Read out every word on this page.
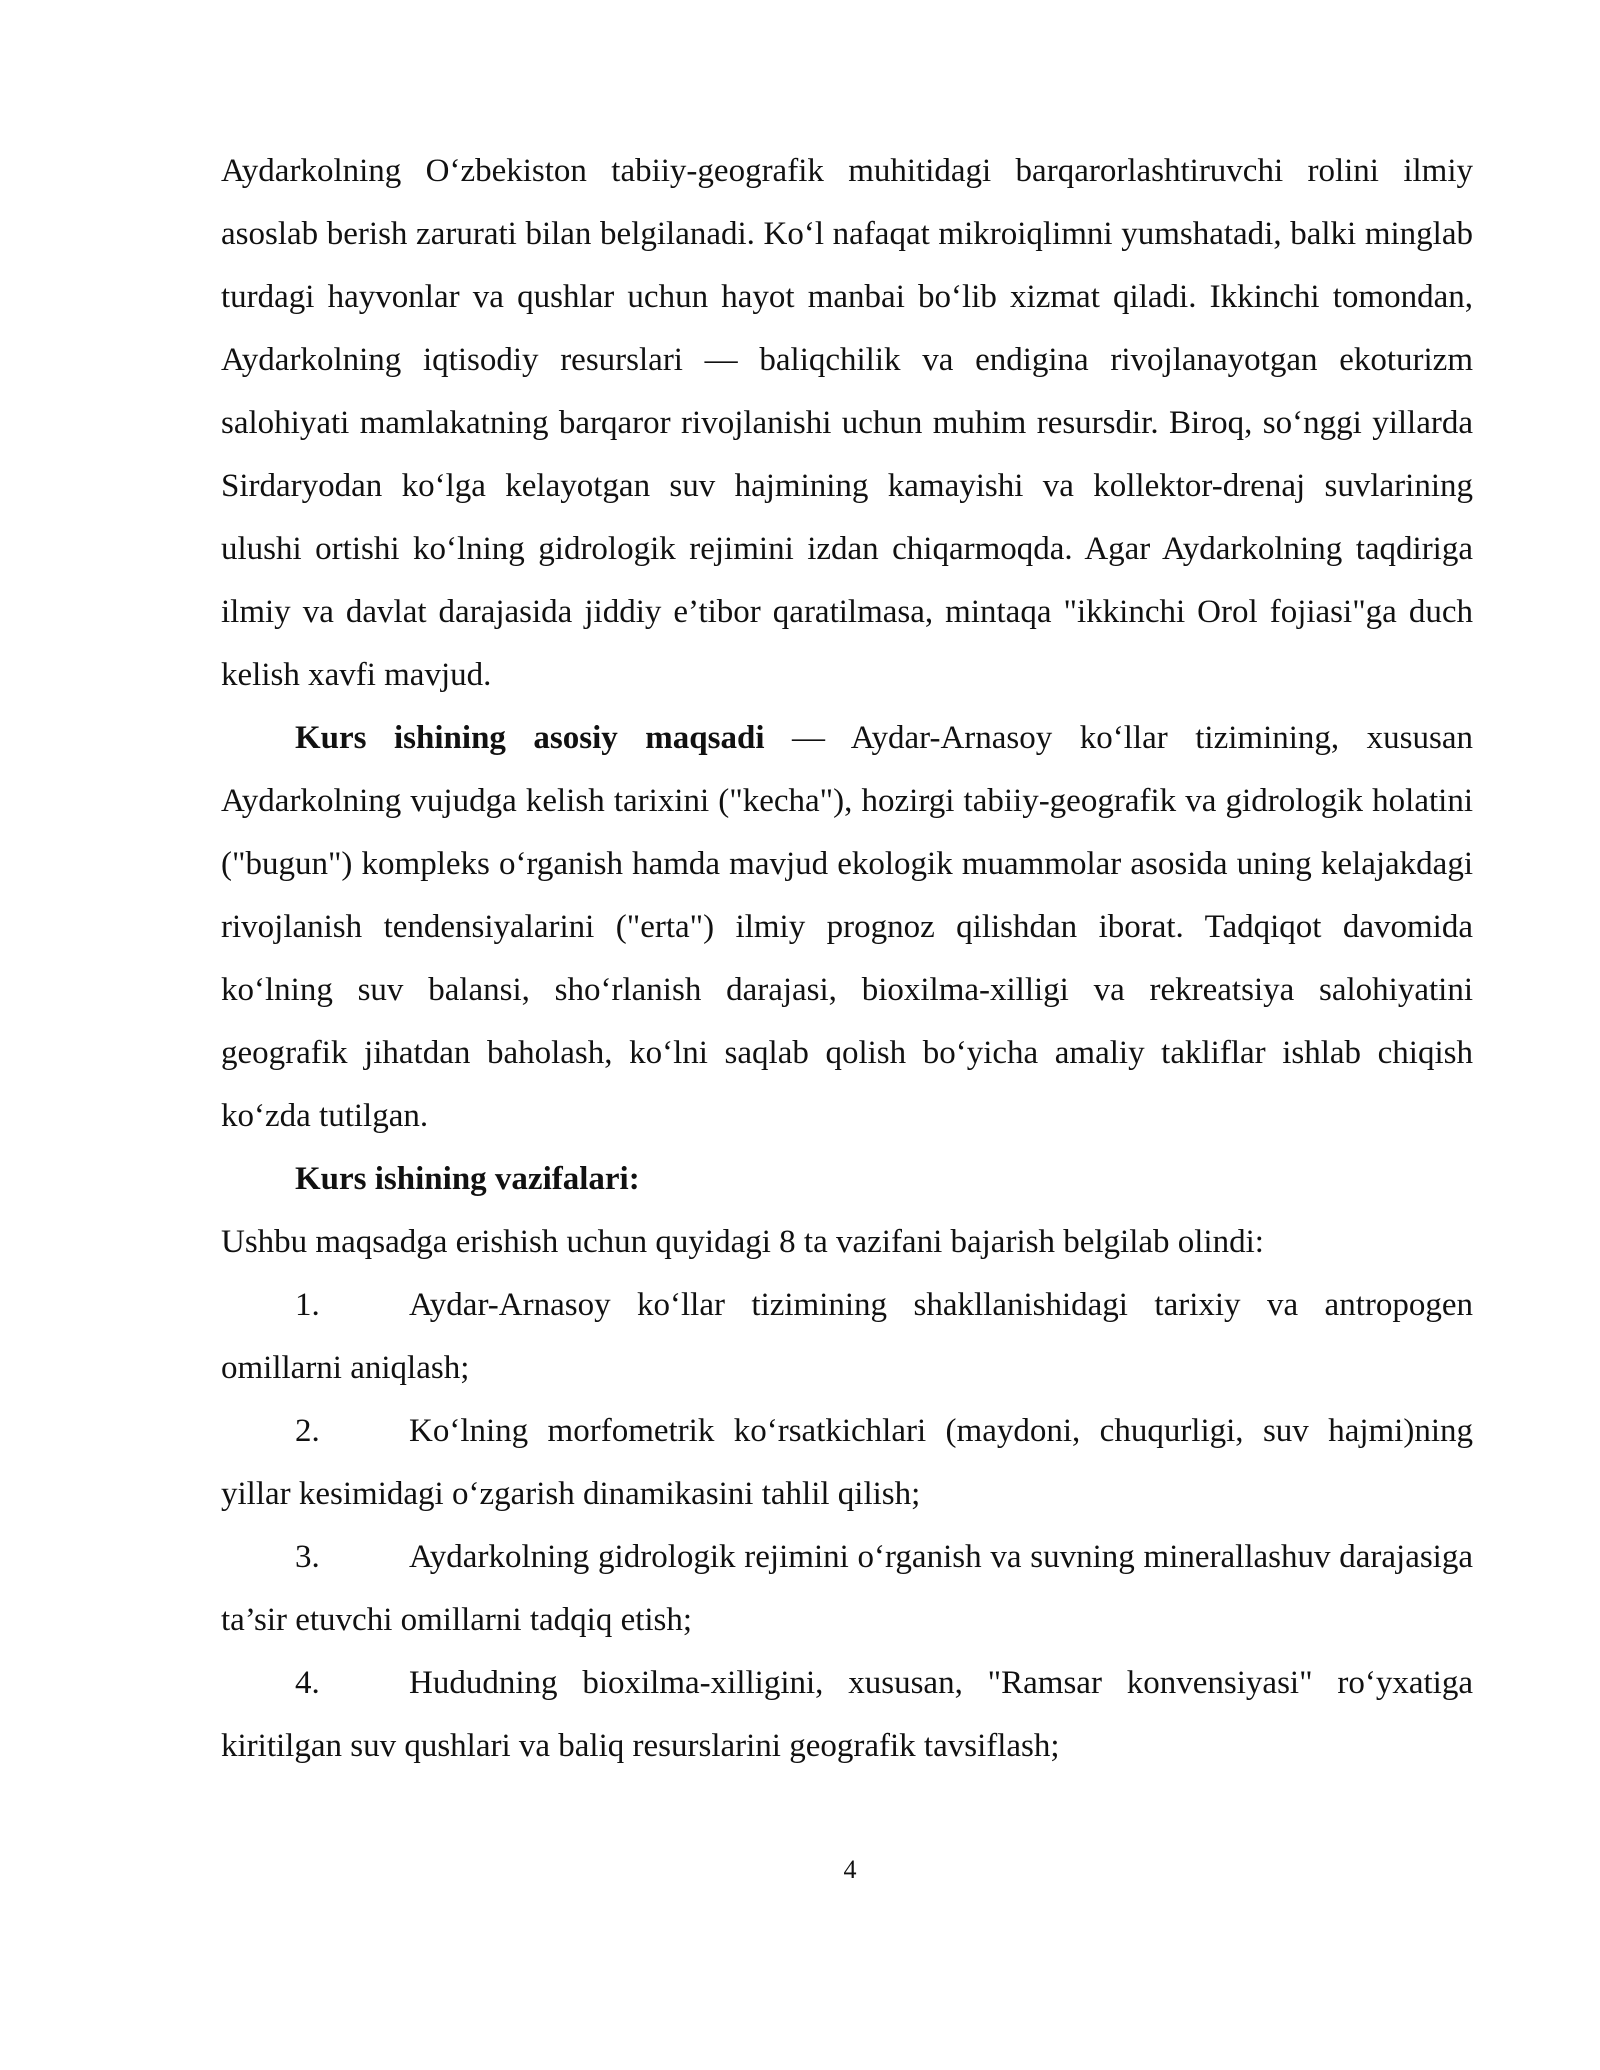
Aydarkolning O‘zbekiston tabiiy-geografik muhitidagi barqarorlashtiruvchi rolini ilmiy asoslab berish zarurati bilan belgilanadi. Ko‘l nafaqat mikroiqlimni yumshatadi, balki minglab turdagi hayvonlar va qushlar uchun hayot manbai bo‘lib xizmat qiladi. Ikkinchi tomondan, Aydarkolning iqtisodiy resurslari — baliqchilik va endigina rivojlanayotgan ekoturizm salohiyati mamlakatning barqaror rivojlanishi uchun muhim resursdir. Biroq, so‘nggi yillarda Sirdaryodan ko‘lga kelayotgan suv hajmining kamayishi va kollektor-drenaj suvlarining ulushi ortishi ko‘lning gidrologik rejimini izdan chiqarmoqda. Agar Aydarkolning taqdiriga ilmiy va davlat darajasida jiddiy e’tibor qaratilmasa, mintaqa "ikkinchi Orol fojiasi"ga duch kelish xavfi mavjud.

Kurs ishining asosiy maqsadi — Aydar-Arnasoy ko‘llar tizimining, xususan Aydarkolning vujudga kelish tarixini ("kecha"), hozirgi tabiiy-geografik va gidrologik holatini ("bugun") kompleks o‘rganish hamda mavjud ekologik muammolar asosida uning kelajakdagi rivojlanish tendensiyalarini ("erta") ilmiy prognoz qilishdan iborat. Tadqiqot davomida ko‘lning suv balansi, sho‘rlanish darajasi, bioxilma-xilligi va rekreatsiya salohiyatini geografik jihatdan baholash, ko‘lni saqlab qolish bo‘yicha amaliy takliflar ishlab chiqish ko‘zda tutilgan.

Kurs ishining vazifalari:

Ushbu maqsadga erishish uchun quyidagi 8 ta vazifani bajarish belgilab olindi:

1.	Aydar-Arnasoy ko‘llar tizimining shakllanishidagi tarixiy va antropogen omillarni aniqlash;

2.	Ko‘lning morfometrik ko‘rsatkichlari (maydoni, chuqurligi, suv hajmi)ning yillar kesimidagi o‘zgarish dinamikasini tahlil qilish;

3.	Aydarkolning gidrologik rejimini o‘rganish va suvning minerallashuv darajasiga ta’sir etuvchi omillarni tadqiq etish;

4.	Hududning bioxilma-xilligini, xususan, "Ramsar konvensiyasi" ro‘yxatiga kiritilgan suv qushlari va baliq resurslarini geografik tavsiflash;

4
